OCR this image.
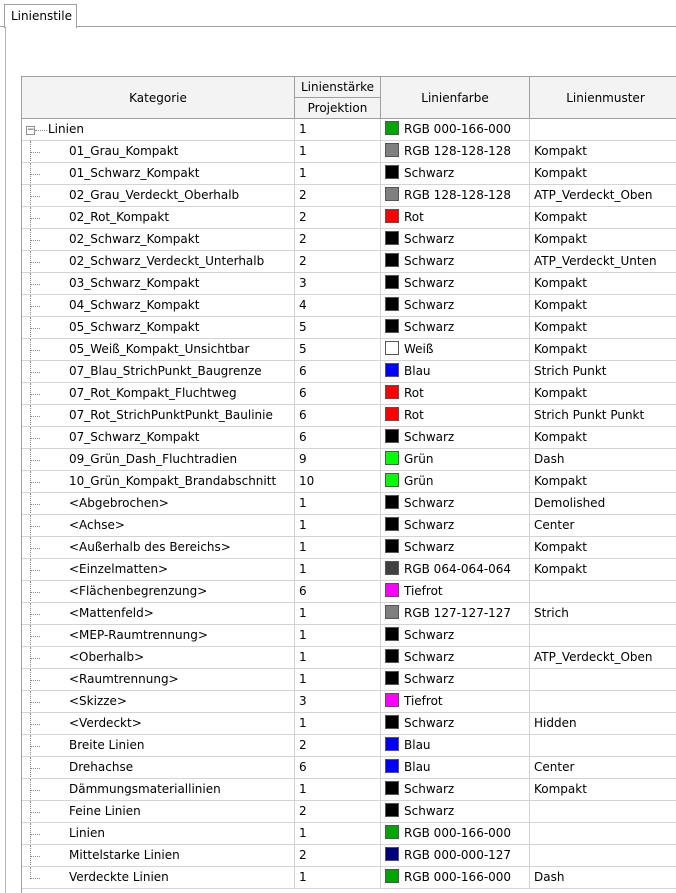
Linienstile
Kategorie
Linienstärke
Projektion
Linienfarbe	Linienmuster
− Linien	1	RGB 000-166-000
01_Grau_Kompakt	1	RGB 128-128-128	Kompakt
01_Schwarz_Kompakt	1	Schwarz	Kompakt
02_Grau_Verdeckt_Oberhalb	2	RGB 128-128-128	ATP_Verdeckt_Oben
02_Rot_Kompakt	2	Rot	Kompakt
02_Schwarz_Kompakt	2	Schwarz	Kompakt
02_Schwarz_Verdeckt_Unterhalb	2	Schwarz	ATP_Verdeckt_Unten
03_Schwarz_Kompakt	3	Schwarz	Kompakt
04_Schwarz_Kompakt	4	Schwarz	Kompakt
05_Schwarz_Kompakt	5	Schwarz	Kompakt
05_Weiß_Kompakt_Unsichtbar	5	Weiß	Kompakt
07_Blau_StrichPunkt_Baugrenze	6	Blau	Strich Punkt
07_Rot_Kompakt_Fluchtweg	6	Rot	Kompakt
07_Rot_StrichPunktPunkt_Baulinie	6	Rot	Strich Punkt Punkt
07_Schwarz_Kompakt	6	Schwarz	Kompakt
09_Grün_Dash_Fluchtradien	9	Grün	Dash
10_Grün_Kompakt_Brandabschnitt	10	Grün	Kompakt
<Abgebrochen>	1	Schwarz	Demolished
<Achse>	1	Schwarz	Center
<Außerhalb des Bereichs>	1	Schwarz	Kompakt
<Einzelmatten>	1	RGB 064-064-064	Kompakt
<Flächenbegrenzung>	6	Tiefrot
<Mattenfeld>	1	RGB 127-127-127	Strich
<MEP-Raumtrennung>	1	Schwarz
<Oberhalb>	1	Schwarz	ATP_Verdeckt_Oben
<Raumtrennung>	1	Schwarz
<Skizze>	3	Tiefrot
<Verdeckt>	1	Schwarz	Hidden
Breite Linien	2	Blau
Drehachse	6	Blau	Center
Dämmungsmateriallinien	1	Schwarz	Kompakt
Feine Linien	2	Schwarz
Linien	1	RGB 000-166-000
Mittelstarke Linien	2	RGB 000-000-127
Verdeckte Linien	1	RGB 000-166-000	Dash
